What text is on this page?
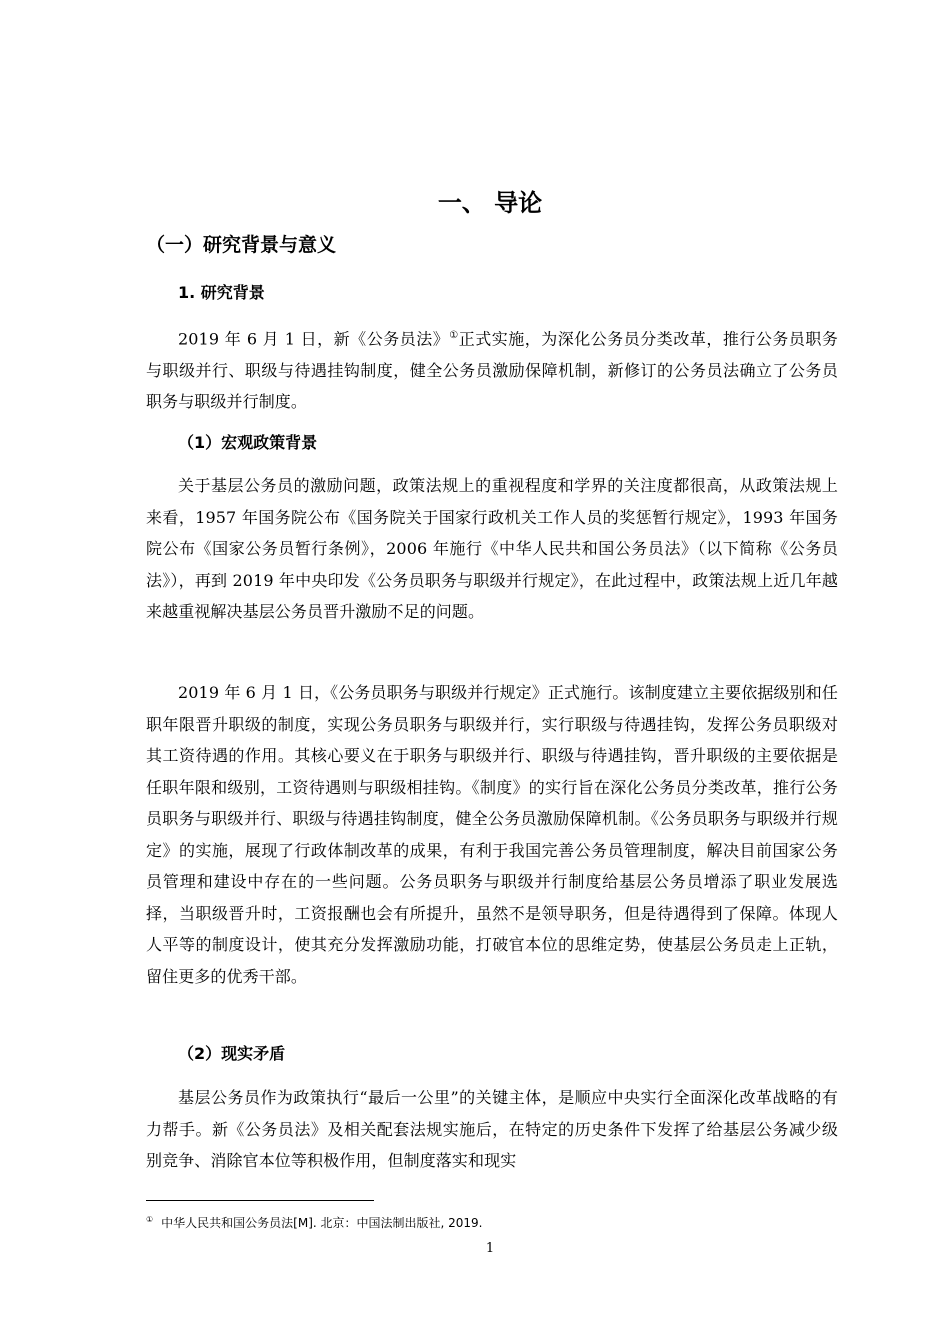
一、 导论
（一）研究背景与意义
1. 研究背景

2019 年 6 月 1 日，新《公务员法》①正式实施，为深化公务员分类改革，推行公务员职务与职级并行、职级与待遇挂钩制度，健全公务员激励保障机制，新修订的公务员法确立了公务员职务与职级并行制度。

（1）宏观政策背景

关于基层公务员的激励问题，政策法规上的重视程度和学界的关注度都很高，从政策法规上来看，1957 年国务院公布《国务院关于国家行政机关工作人员的奖惩暂行规定》，1993 年国务院公布《国家公务员暂行条例》，2006 年施行《中华人民共和国公务员法》（以下简称《公务员法》），再到 2019 年中央印发《公务员职务与职级并行规定》，在此过程中，政策法规上近几年越来越重视解决基层公务员晋升激励不足的问题。

2019 年 6 月 1 日，《公务员职务与职级并行规定》正式施行。该制度建立主要依据级别和任职年限晋升职级的制度，实现公务员职务与职级并行，实行职级与待遇挂钩，发挥公务员职级对其工资待遇的作用。其核心要义在于职务与职级并行、职级与待遇挂钩，晋升职级的主要依据是任职年限和级别，工资待遇则与职级相挂钩。《制度》的实行旨在深化公务员分类改革，推行公务员职务与职级并行、职级与待遇挂钩制度，健全公务员激励保障机制。《公务员职务与职级并行规定》的实施，展现了行政体制改革的成果，有利于我国完善公务员管理制度，解决目前国家公务员管理和建设中存在的一些问题。公务员职务与职级并行制度给基层公务员增添了职业发展选择，当职级晋升时，工资报酬也会有所提升，虽然不是领导职务，但是待遇得到了保障。体现人人平等的制度设计，使其充分发挥激励功能，打破官本位的思维定势，使基层公务员走上正轨，留住更多的优秀干部。

（2）现实矛盾

基层公务员作为政策执行“最后一公里”的关键主体，是顺应中央实行全面深化改革战略的有力帮手。新《公务员法》及相关配套法规实施后，在特定的历史条件下发挥了给基层公务减少级别竞争、消除官本位等积极作用，但制度落实和现实

① 中华人民共和国公务员法[M]. 北京：中国法制出版社, 2019.

1
